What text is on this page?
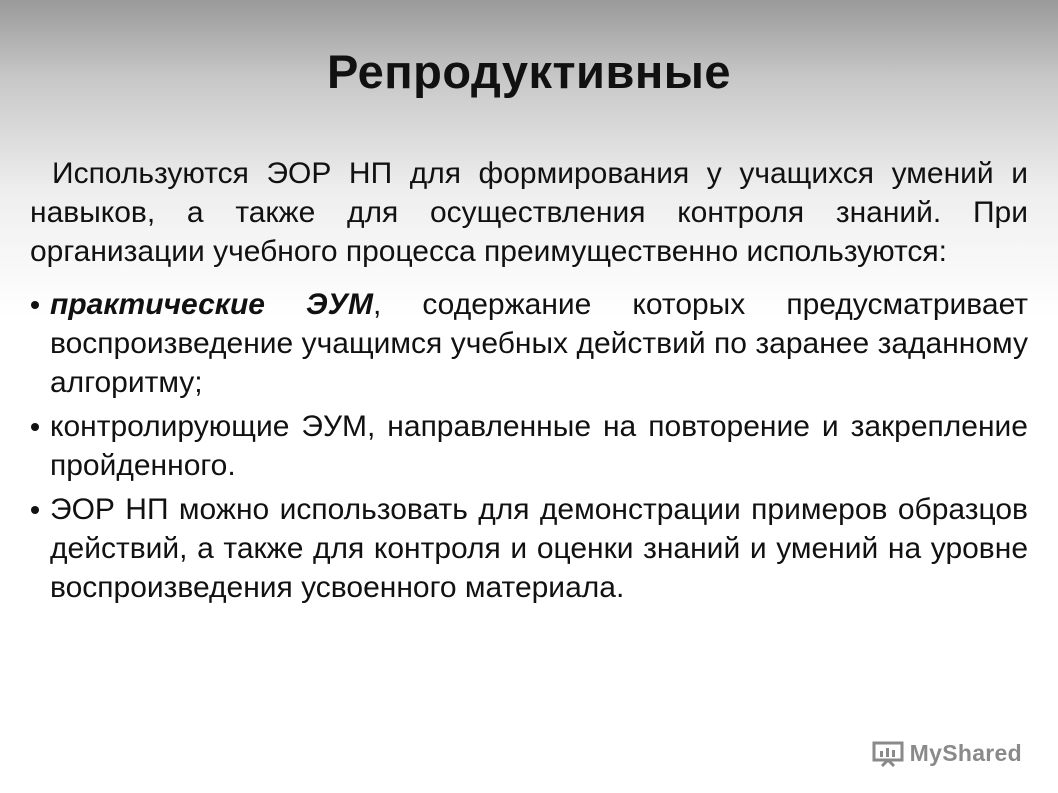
Репродуктивные

Используются ЭОР НП для формирования у учащихся умений и навыков, а также для осуществления контроля знаний. При организации учебного процесса преимущественно используются:

практические ЭУМ, содержание которых предусматривает воспроизведение учащимся учебных действий по заранее заданному алгоритму;
контролирующие ЭУМ, направленные на повторение и закрепление пройденного.
ЭОР НП можно использовать для демонстрации примеров образцов действий, а также для контроля и оценки знаний и умений на уровне воспроизведения усвоенного материала.
MyShared
